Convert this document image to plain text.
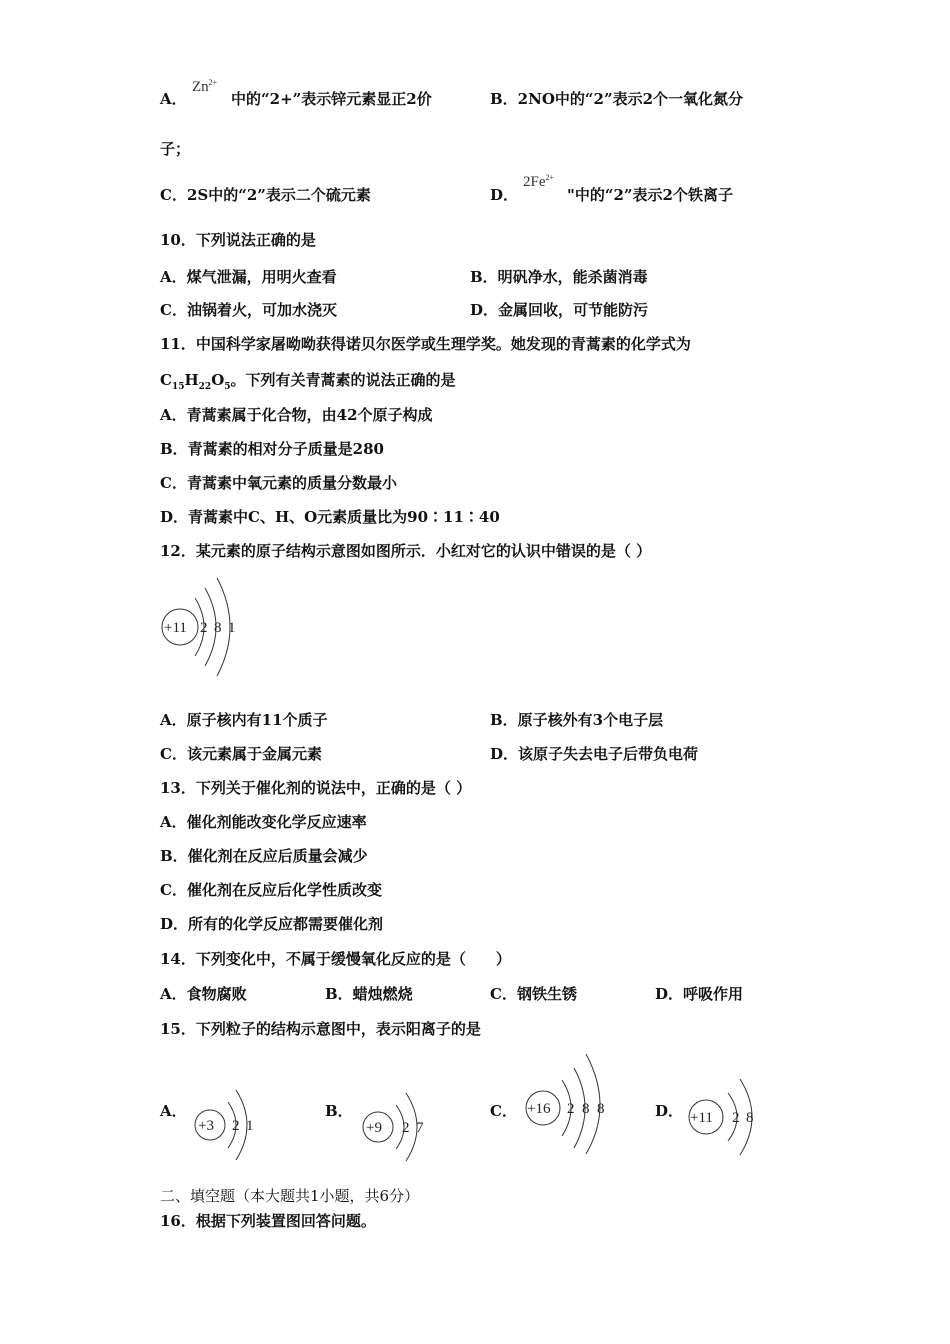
A．
$Zn^{2+}$
中的“2+”表示锌元素显正2价	B．2NO中的“2”表示2个一氧化氮分
子；
C．2S中的“2”表示二个硫元素	D．
$2Fe^{2+}$
"中的“2”表示2个铁离子
10．下列说法正确的是
A．煤气泄漏，用明火查看	B．明矾净水，能杀菌消毒
C．油锅着火，可加水浇灭	D．金属回收，可节能防污
11．中国科学家屠呦呦获得诺贝尔医学或生理学奖。她发现的青蒿素的化学式为
$C_{15}H_{22}O_5$。下列有关青蒿素的说法正确的是
A．青蒿素属于化合物，由42个原子构成
B．青蒿素的相对分子质量是280
C．青蒿素中氧元素的质量分数最小
D．青蒿素中C、H、O元素质量比为90∶11∶40
12．某元素的原子结构示意图如图所示．小红对它的认识中错误的是（ ）
+11 2 8 1
A．原子核内有11个质子	B．原子核外有3个电子层
C．该元素属于金属元素	D．该原子失去电子后带负电荷
13．下列关于催化剂的说法中，正确的是（ ）
A．催化剂能改变化学反应速率
B．催化剂在反应后质量会减少
C．催化剂在反应后化学性质改变
D．所有的化学反应都需要催化剂
14．下列变化中，不属于缓慢氧化反应的是（　　）
A．食物腐败	B．蜡烛燃烧	C．钢铁生锈	D．呼吸作用
15．下列粒子的结构示意图中，表示阳离子的是
A．
+3 2 1
B．
+9 2 7
C． +16 2 8 8	D． +11 2 8
二、填空题（本大题共1小题，共6分）
16．根据下列装置图回答问题。
